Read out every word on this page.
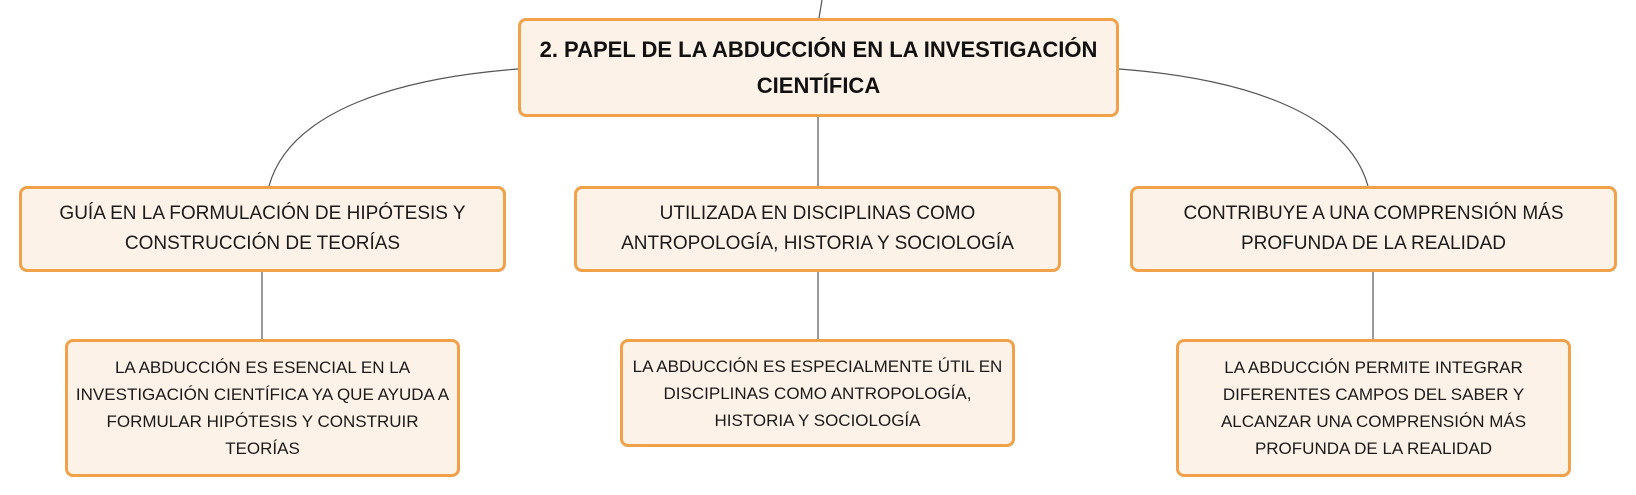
2. PAPEL DE LA ABDUCCIÓN EN LA INVESTIGACIÓN CIENTÍFICA
GUÍA EN LA FORMULACIÓN DE HIPÓTESIS Y CONSTRUCCIÓN DE TEORÍAS
UTILIZADA EN DISCIPLINAS COMO ANTROPOLOGÍA, HISTORIA Y SOCIOLOGÍA
CONTRIBUYE A UNA COMPRENSIÓN MÁS PROFUNDA DE LA REALIDAD
LA ABDUCCIÓN ES ESENCIAL EN LA INVESTIGACIÓN CIENTÍFICA YA QUE AYUDA A FORMULAR HIPÓTESIS Y CONSTRUIR TEORÍAS
LA ABDUCCIÓN ES ESPECIALMENTE ÚTIL EN DISCIPLINAS COMO ANTROPOLOGÍA, HISTORIA Y SOCIOLOGÍA
LA ABDUCCIÓN PERMITE INTEGRAR DIFERENTES CAMPOS DEL SABER Y ALCANZAR UNA COMPRENSIÓN MÁS PROFUNDA DE LA REALIDAD
